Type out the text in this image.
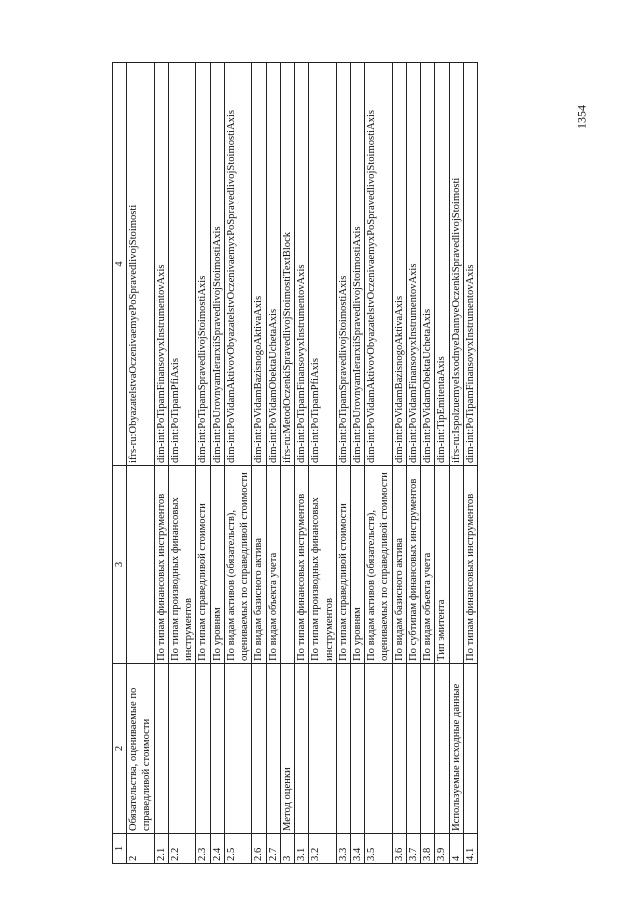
1354
1	2	3	4
2	Обязательства, оцениваемые по справедливой стоимости		ifrs-ru:ObyazatelstvaOczenivaemyePoSpravedlivojStoimosti
2.1		По типам финансовых инструментов	dim-int:PoTipamFinansovyxInstrumentovAxis
2.2		По типам производных финансовых инструментов	dim-int:PoTipamPfiAxis
2.3		По типам справедливой стоимости	dim-int:PoTipamSpravedlivojStoimostiAxis
2.4		По уровням	dim-int:PoUrovnyamIerarxiiSpravedlivojStoimostiAxis
2.5		По видам активов (обязательств), оцениваемых по справедливой стоимости	dim-int:PoVidamAktivovObyazatelstvOczenivaemyxPoSpravedlivojStoimostiAxis
2.6		По видам базисного актива	dim-int:PoVidamBazisnogoAktivaAxis
2.7		По видам объекта учета	dim-int:PoVidamObektaUchetaAxis
3	Метод оценки		ifrs-ru:MetodOczenkiSpravedlivojStoimostiTextBlock
3.1		По типам финансовых инструментов	dim-int:PoTipamFinansovyxInstrumentovAxis
3.2		По типам производных финансовых инструментов	dim-int:PoTipamPfiAxis
3.3		По типам справедливой стоимости	dim-int:PoTipamSpravedlivojStoimostiAxis
3.4		По уровням	dim-int:PoUrovnyamIerarxiiSpravedlivojStoimostiAxis
3.5		По видам активов (обязательств), оцениваемых по справедливой стоимости	dim-int:PoVidamAktivovObyazatelstvOczenivaemyxPoSpravedlivojStoimostiAxis
3.6		По видам базисного актива	dim-int:PoVidamBazisnogoAktivaAxis
3.7		По субтипам финансовых инструментов	dim-int:PoVidamFinansovyxInstrumentovAxis
3.8		По видам объекта учета	dim-int:PoVidamObektaUchetaAxis
3.9		Тип эмитента	dim-int:TipEmitentaAxis
4	Используемые исходные данные		ifrs-ru:IspolzuemyeIsxodnyeDannyeOczenkiSpravedlivojStoimosti
4.1		По типам финансовых инструментов	dim-int:PoTipamFinansovyxInstrumentovAxis
